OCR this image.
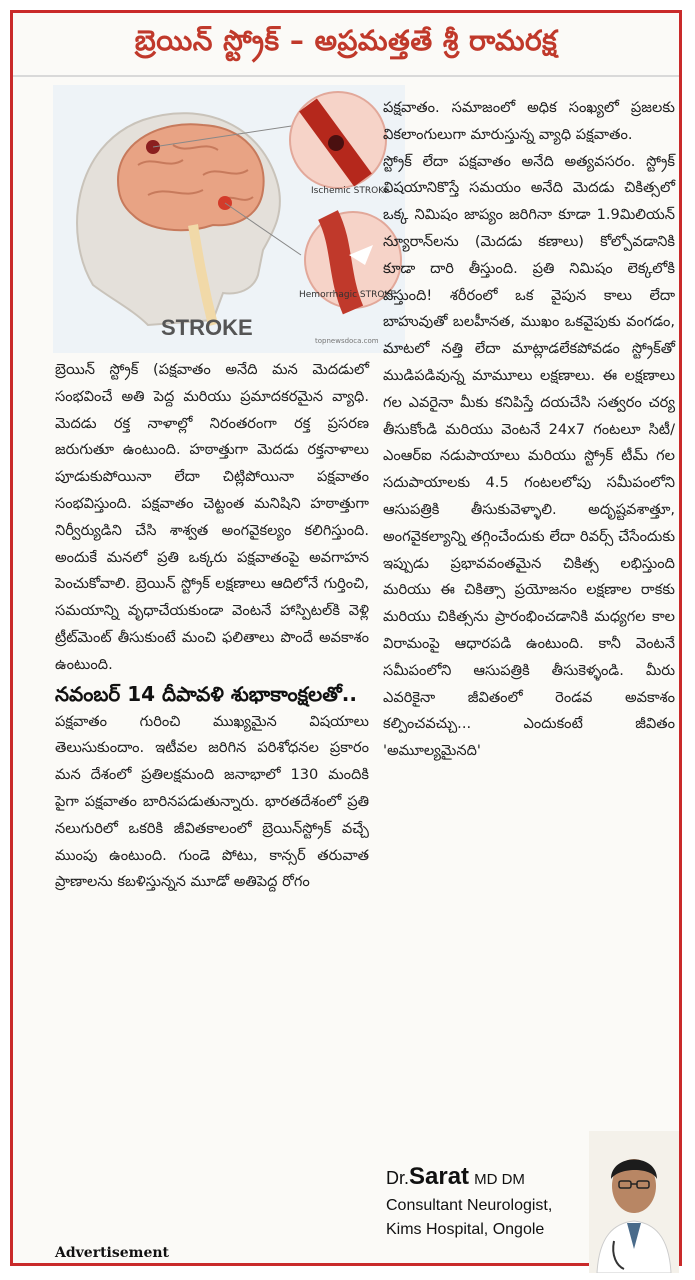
బ్రెయిన్ స్ట్రోక్ – అప్రమత్తతే శ్రీ రామరక్ష
Ischemic STROKE
Hemorrhagic STROKE
STROKE
topnewsdoca.com

పక్షవాతం. సమాజంలో అధిక సంఖ్యలో ప్రజలకు వికలాంగులుగా మారుస్తున్న వ్యాధి పక్షవాతం.

స్ట్రోక్ లేదా పక్షవాతం అనేది అత్యవసరం. స్ట్రోక్ విషయానికొస్తే సమయం అనేది మెదడు చికిత్సలో ఒక్క నిమిషం జాప్యం జరిగినా కూడా 1.9మిలియన్ న్యూరాన్‌లను (మెదడు కణాలు) కోల్పోవడానికి కూడా దారి తీస్తుంది. ప్రతి నిమిషం లెక్కలోకి వస్తుంది! శరీరంలో ఒక వైపున కాలు లేదా బాహువుతో బలహీనత, ముఖం ఒకవైపుకు వంగడం, మాటలో నత్తి లేదా మాట్లాడలేకపోవడం స్ట్రోక్‌తో ముడిపడివున్న మామూలు లక్షణాలు. ఈ లక్షణాలు గల ఎవరైనా మీకు కనిపిస్తే దయచేసి సత్వరం చర్య తీసుకోండి మరియు వెంటనే 24x7 గంటలూ సిటీ/ఎంఆర్ఐ నడుపాయాలు మరియు స్ట్రోక్ టీమ్ గల సదుపాయాలకు 4.5 గంటలలోపు సమీపంలోని ఆసుపత్రికి తీసుకువెళ్ళాలి. అదృష్టవశాత్తూ, అంగవైకల్యాన్ని తగ్గించేందుకు లేదా రివర్స్ చేసేందుకు ఇప్పుడు ప్రభావవంతమైన చికిత్స లభిస్తుంది మరియు ఈ చికిత్సా ప్రయోజనం లక్షణాల రాకకు మరియు చికిత్సను ప్రారంభించడానికి మధ్యగల కాల విరామంపై ఆధారపడి ఉంటుంది. కానీ వెంటనే సమీపంలోని ఆసుపత్రికి తీసుకెళ్ళండి. మీరు ఎవరికైనా జీవితంలో రెండవ అవకాశం కల్పించవచ్చు... ఎందుకంటే జీవితం 'అమూల్యమైనది'

బ్రెయిన్ స్ట్రోక్ (పక్షవాతం అనేది మన మెదడులో సంభవించే అతి పెద్ద మరియు ప్రమాదకరమైన వ్యాధి. మెదడు రక్త నాళాల్లో నిరంతరంగా రక్త ప్రసరణ జరుగుతూ ఉంటుంది. హఠాత్తుగా మెదడు రక్తనాళాలు పూడుకుపోయినా లేదా చిట్లిపోయినా పక్షవాతం సంభవిస్తుంది. పక్షవాతం చెట్టంత మనిషిని హఠాత్తుగా నిర్వీర్యుడిని చేసి శాశ్వత అంగవైకల్యం కలిగిస్తుంది. అందుకే మనలో ప్రతి ఒక్కరు పక్షవాతంపై అవగాహన పెంచుకోవాలి. బ్రెయిన్ స్ట్రోక్ లక్షణాలు ఆదిలోనే గుర్తించి, సమయాన్ని వృధాచేయకుండా వెంటనే హాస్పిటల్‌కి వెళ్లి ట్రీట్‌మెంట్ తీసుకుంటే మంచి ఫలితాలు పొందే అవకాశం ఉంటుంది.

నవంబర్ 14 దీపావళి శుభాకాంక్షలతో..

పక్షవాతం గురించి ముఖ్యమైన విషయాలు తెలుసుకుందాం. ఇటీవల జరిగిన పరిశోధనల ప్రకారం మన దేశంలో ప్రతిలక్షమంది జనాభాలో 130 మందికి పైగా పక్షవాతం బారినపడుతున్నారు. భారతదేశంలో ప్రతి నలుగురిలో ఒకరికి జీవితకాలంలో బ్రెయిన్‌స్ట్రోక్ వచ్చే ముంపు ఉంటుంది. గుండె పోటు, కాన్సర్ తరువాత ప్రాణాలను కబళిస్తున్నన మూడో అతిపెద్ద రోగం

Dr.Sarat MD DM
Consultant Neurologist,
Kims Hospital, Ongole
Advertisement
